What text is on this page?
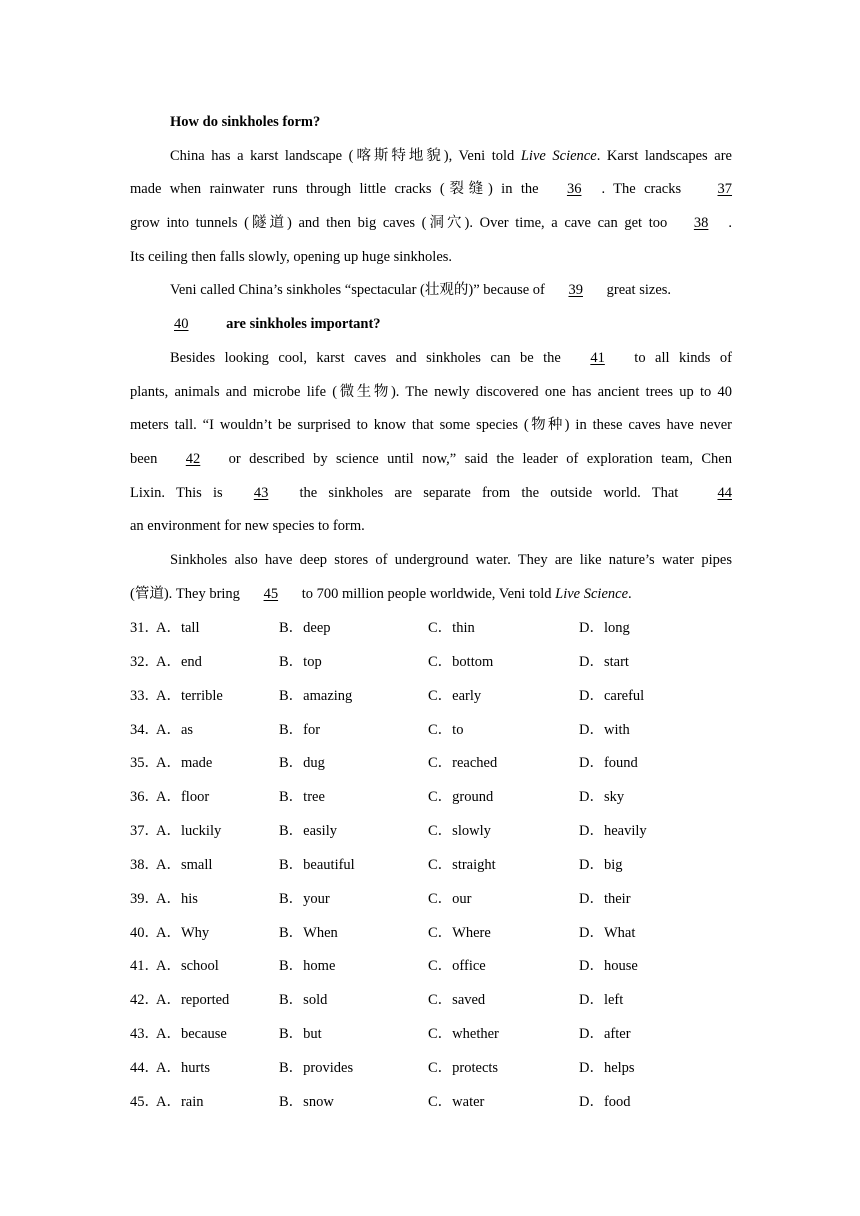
How do sinkholes form?
China has a karst landscape (喀斯特地貌), Veni told Live Science. Karst landscapes are
made when rainwater runs through little cracks (裂缝) in the 36 . The cracks 37
grow into tunnels (隧道) and then big caves (洞穴). Over time, a cave can get too 38 .
Its ceiling then falls slowly, opening up huge sinkholes.
Veni called China’s sinkholes “spectacular (壮观的)” because of 39 great sizes.
40	are sinkholes important?
Besides looking cool, karst caves and sinkholes can be the 41 to all kinds of
plants, animals and microbe life (微生物). The newly discovered one has ancient trees up to 40
meters tall. “I wouldn’t be surprised to know that some species (物种) in these caves have never
been 42 or described by science until now,” said the leader of exploration team, Chen
Lixin. This is 43 the sinkholes are separate from the outside world. That 44
an environment for new species to form.
Sinkholes also have deep stores of underground water. They are like nature’s water pipes
(管道). They bring 45 to 700 million people worldwide, Veni told Live Science.
31．
A．tall	B．deep	C．thin	D．long
32．
A．end	B．top	C．bottom	D．start
33．
A．terrible	B．amazing	C．early	D．careful
34．
A．as	B．for	C．to	D．with
35．
A．made	B．dug	C．reached	D．found
36．
A．floor	B．tree	C．ground	D．sky
37．
A．luckily	B．easily	C．slowly	D．heavily
38．
A．small	B．beautiful	C．straight	D．big
39．
A．his	B．your	C．our	D．their
40．
A．Why	B．When	C．Where	D．What
41．
A．school	B．home	C．office	D．house
42．
A．reported	B．sold	C．saved	D．left
43．
A．because	B．but	C．whether	D．after
44．
A．hurts	B．provides	C．protects	D．helps
45．
A．rain	B．snow	C．water	D．food
